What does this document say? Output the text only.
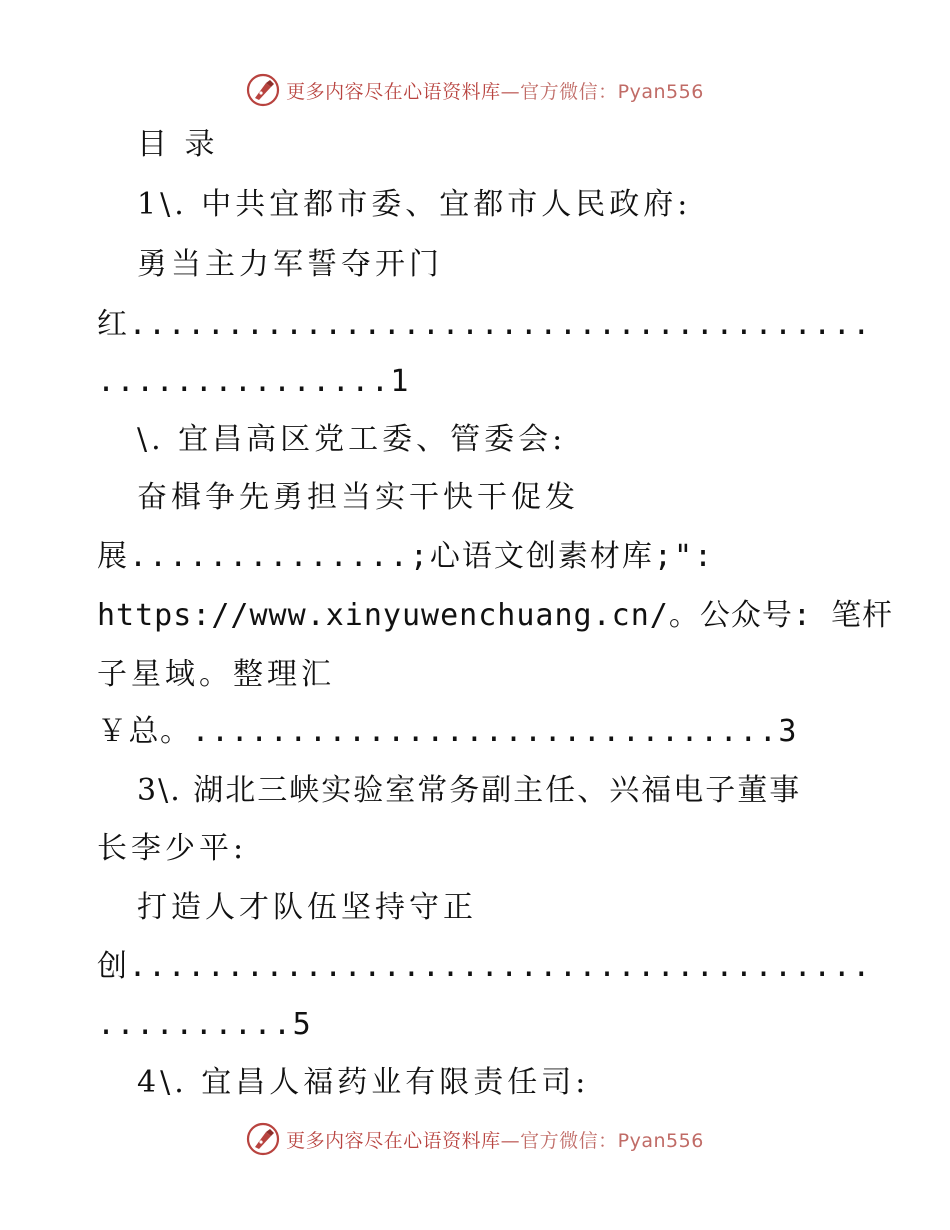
更多内容尽在心语资料库—官方微信：Pyan556
目 录
1\. 中共宜都市委、宜都市人民政府:
勇当主力军誓夺开门
红......................................
...............1
\. 宜昌高区党工委、管委会:
奋楫争先勇担当实干快干促发
展..............;心语文创素材库;":
https://www.xinyuwenchuang.cn/。公众号: 笔杆
子星域。整理汇
￥总。..............................3
3\. 湖北三峡实验室常务副主任、兴福电子董事
长李少平:
打造人才队伍坚持守正
创......................................
..........5
4\. 宜昌人福药业有限责任司:
更多内容尽在心语资料库—官方微信：Pyan556
